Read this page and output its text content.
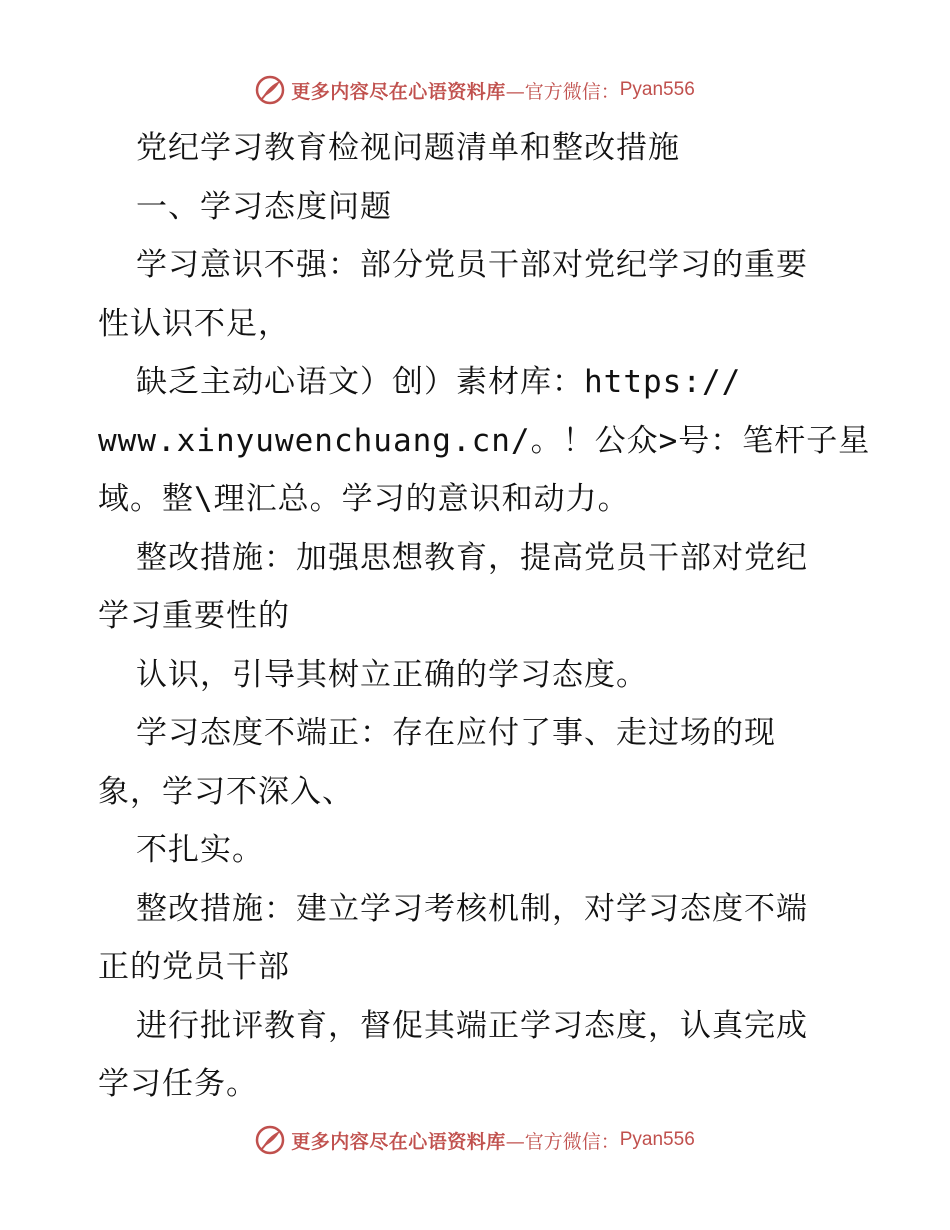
更多内容尽在心语资料库 —官方微信： Pyan556
党纪学习教育检视问题清单和整改措施
一、学习态度问题
学习意识不强：部分党员干部对党纪学习的重要
性认识不足，
缺乏主动心语文）创）素材库：https://
www.xinyuwenchuang.cn/。！公众>号：笔杆子星
域。整\理汇总。学习的意识和动力。
整改措施：加强思想教育，提高党员干部对党纪
学习重要性的
认识，引导其树立正确的学习态度。
学习态度不端正：存在应付了事、走过场的现
象，学习不深入、
不扎实。
整改措施：建立学习考核机制，对学习态度不端
正的党员干部
进行批评教育，督促其端正学习态度，认真完成
学习任务。
更多内容尽在心语资料库 —官方微信： Pyan556
